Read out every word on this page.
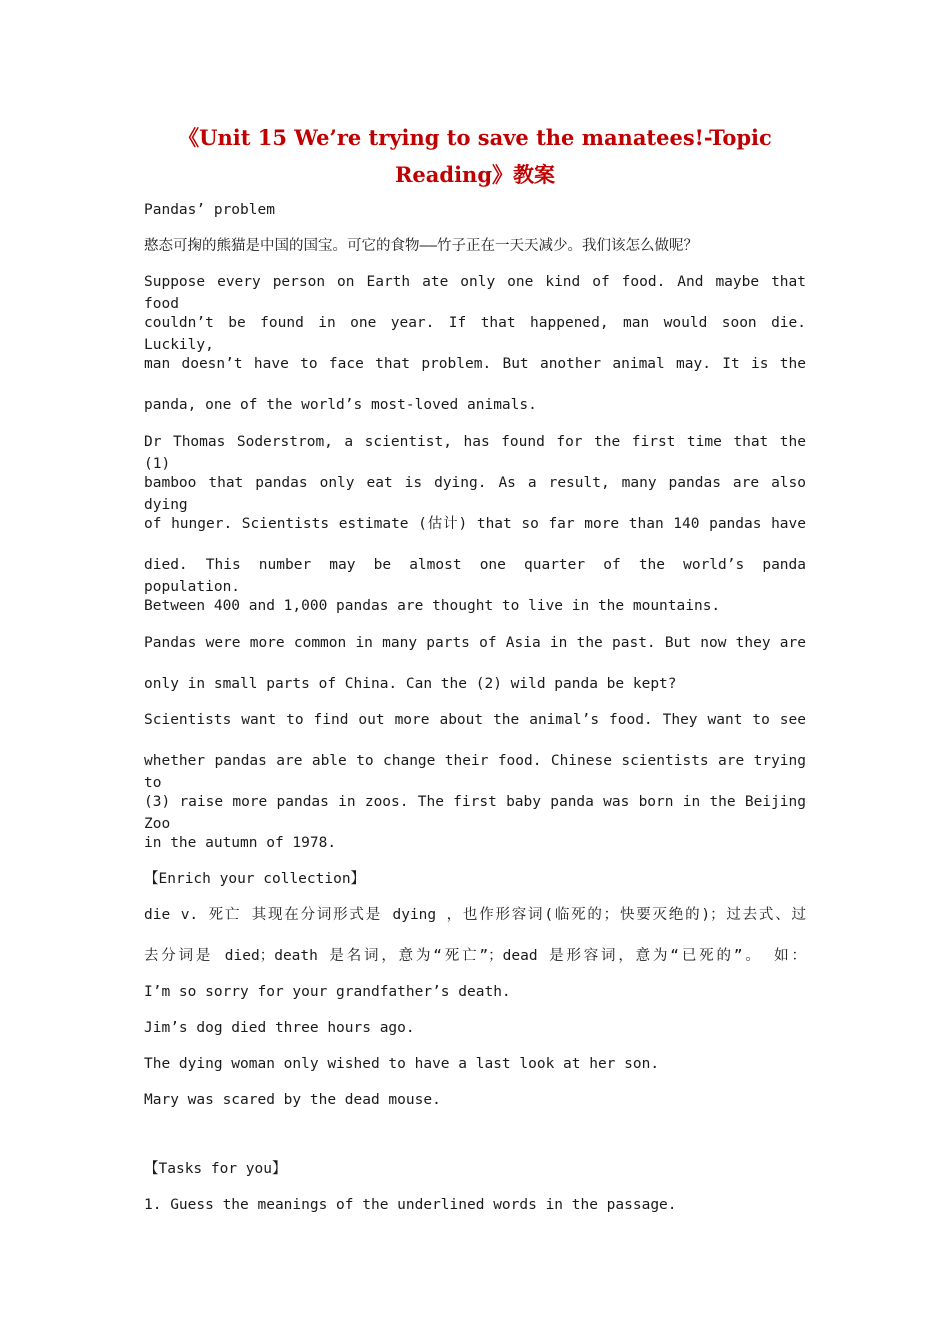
《Unit 15 We’re trying to save the manatees!-Topic
Reading》教案
Pandas’ problem
憨态可掬的熊猫是中国的国宝。可它的食物——竹子正在一天天减少。我们该怎么做呢？
Suppose every person on Earth ate only one kind of food. And maybe that food
couldn’t be found in one year. If that happened, man would soon die. Luckily,
man doesn’t have to face that problem. But another animal may. It is the
panda, one of the world’s most-loved animals.
Dr Thomas Soderstrom, a scientist, has found for the first time that the (1)
bamboo that pandas only eat is dying. As a result, many pandas are also dying
of hunger. Scientists estimate (估计) that so far more than 140 pandas have
died. This number may be almost one quarter of the world’s panda population.
Between 400 and 1,000 pandas are thought to live in the mountains.
Pandas were more common in many parts of Asia in the past. But now they are
only in small parts of China. Can the (2) wild panda be kept?
Scientists want to find out more about the animal’s food. They want to see
whether pandas are able to change their food. Chinese scientists are trying to
(3) raise more pandas in zoos. The first baby panda was born in the Beijing Zoo
in the autumn of 1978.
【Enrich your collection】
die v. 死亡 其现在分词形式是 dying ，也作形容词(临死的；快要灭绝的)；过去式、过
去分词是 died；death 是名词，意为“死亡”；dead 是形容词，意为“已死的”。 如：
I’m so sorry for your grandfather’s death.
Jim’s dog died three hours ago.
The dying woman only wished to have a last look at her son.
Mary was scared by the dead mouse.
【Tasks for you】
1. Guess the meanings of the underlined words in the passage.
